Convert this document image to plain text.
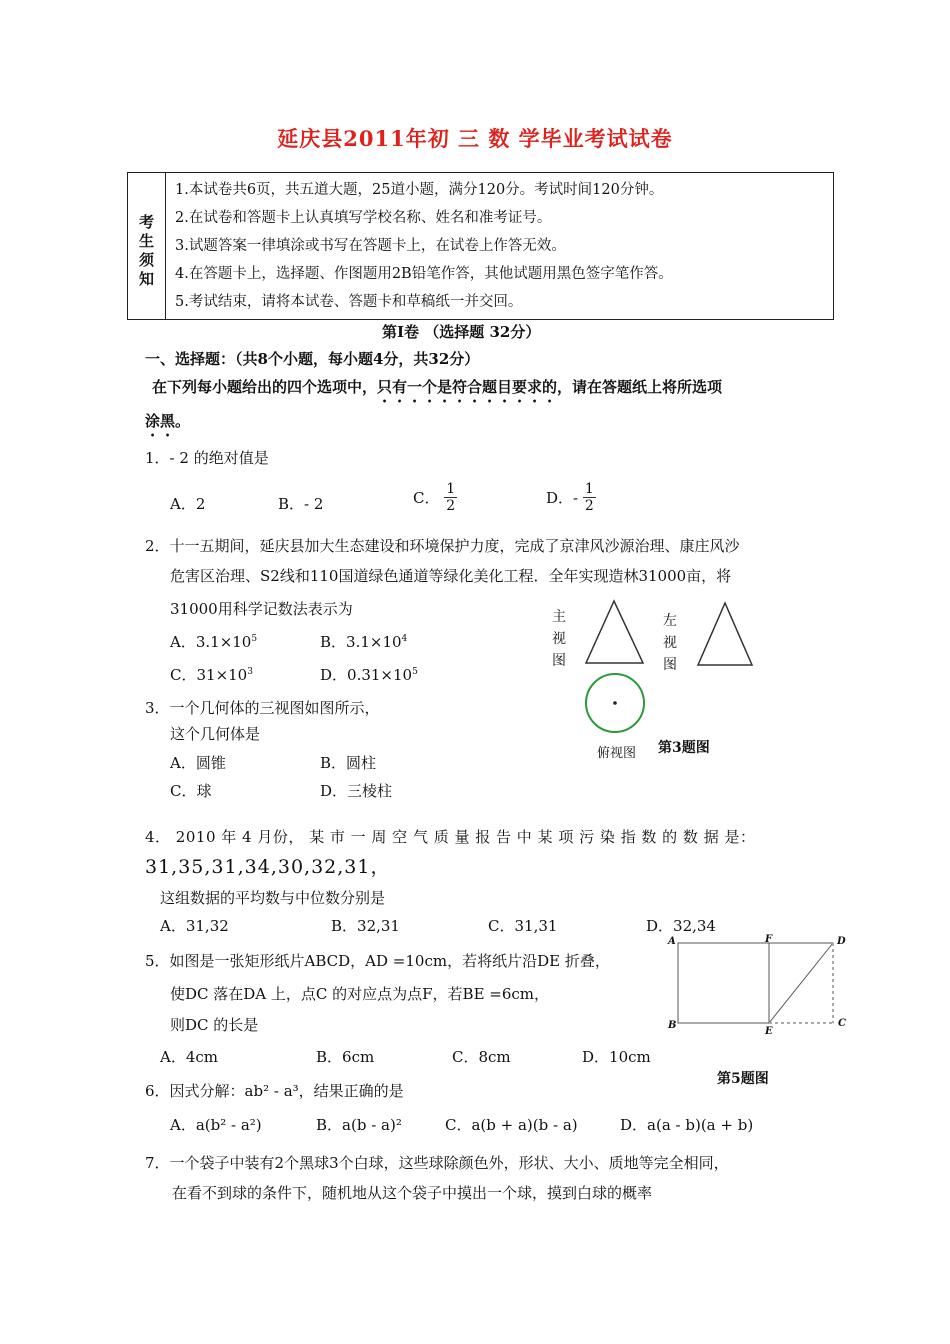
延庆县2011年初 三 数 学毕业考试试卷
考
生
须
知
1.本试卷共6页，共五道大题，25道小题，满分120分。考试时间120分钟。
2.在试卷和答题卡上认真填写学校名称、姓名和准考证号。
3.试题答案一律填涂或书写在答题卡上，在试卷上作答无效。
4.在答题卡上，选择题、作图题用2B铅笔作答，其他试题用黑色签字笔作答。
5.考试结束，请将本试卷、答题卡和草稿纸一并交回。
第Ⅰ卷 （选择题 32分）
一、选择题：（共8个小题，每小题4分，共32分）
在下列每小题给出的四个选项中，只有一个是符合题目要求的，请在答题纸上将所选项
涂黑。
1．- 2 的绝对值是
A．2	B．- 2	C． $\frac{1}{2}$	D．- $\frac{1}{2}$
2．十一五期间，延庆县加大生态建设和环境保护力度，完成了京津风沙源治理、康庄风沙
危害区治理、S2线和110国道绿色通道等绿化美化工程．全年实现造林31000亩，将
31000用科学记数法表示为
A．$3.1\times 10^5$	B．$3.1\times 10^4$
C．$31\times 10^3$	D．$0.31\times 10^5$
主
视
图
左
视
图
俯视图 第3题图
3．一个几何体的三视图如图所示，
这个几何体是
A．圆锥	B．圆柱
C．球	D．三棱柱
4． 2010 年 4 月份， 某 市 一 周 空 气 质 量 报 告 中 某 项 污 染 指 数 的 数 据 是：
31,35,31,34,30,32,31，
这组数据的平均数与中位数分别是
A．31,32	B．32,31	C．31,31	D．32,34
A	F	D
B
E
C
第5题图
5．如图是一张矩形纸片ABCD，AD =10cm，若将纸片沿DE 折叠，
使DC 落在DA 上，点C 的对应点为点F，若BE =6cm，
则DC 的长是
A．4cm	B．6cm	C．8cm	D．10cm
6．因式分解：ab² - a³，结果正确的是
A．a(b² - a²)	B．a(b - a)²	C．a(b + a)(b - a)	D．a(a - b)(a + b)
7．一个袋子中装有2个黑球3个白球，这些球除颜色外，形状、大小、质地等完全相同，
在看不到球的条件下，随机地从这个袋子中摸出一个球，摸到白球的概率
